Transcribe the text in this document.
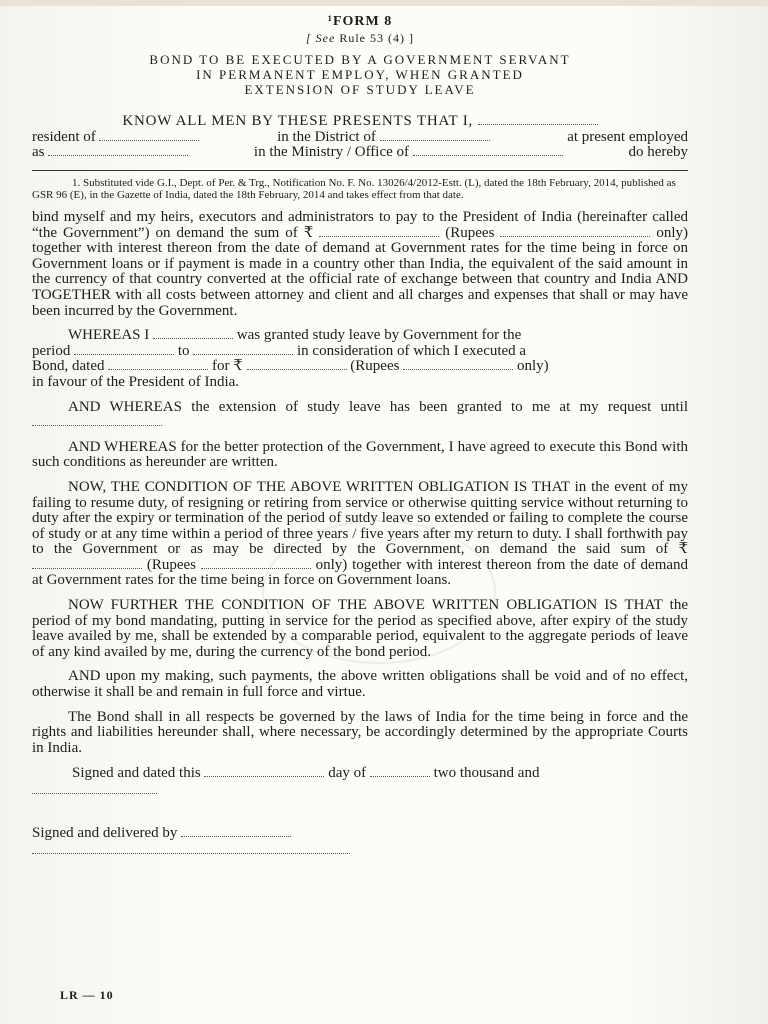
¹FORM 8
[ See Rule 53 (4) ]
BOND TO BE EXECUTED BY A GOVERNMENT SERVANT
IN PERMANENT EMPLOY, WHEN GRANTED
EXTENSION OF STUDY LEAVE
KNOW ALL MEN BY THESE PRESENTS THAT I,
resident of	in the District of	at present employed
as	in the Ministry / Office of	do hereby

1. Substituted vide G.I., Dept. of Per. & Trg., Notification No. F. No. 13026/4/2012-Estt. (L), dated the 18th February, 2014, published as GSR 96 (E), in the Gazette of India, dated the 18th February, 2014 and takes effect from that date.

bind myself and my heirs, executors and administrators to pay to the President of India (hereinafter called “the Government”) on demand the sum of ₹	(Rupees	only) together with interest thereon from the date of demand at Government rates for the time being in force on Government loans or if payment is made in a country other than India, the equivalent of the said amount in the currency of that country converted at the official rate of exchange between that country and India AND TOGETHER with all costs between attorney and client and all charges and expenses that shall or may have been incurred by the Government.

WHEREAS I	was granted study leave by Government for the

period	to	in consideration of which I executed a

Bond, dated	for ₹	(Rupees	only)

in favour of the President of India.

AND WHEREAS the extension of study leave has been granted to me at my request until

AND WHEREAS for the better protection of the Government, I have agreed to execute this Bond with such conditions as hereunder are written.

NOW, THE CONDITION OF THE ABOVE WRITTEN OBLIGATION IS THAT in the event of my failing to resume duty, of resigning or retiring from service or otherwise quitting service without returning to duty after the expiry or termination of the period of sutdy leave so extended or failing to complete the course of study or at any time within a period of three years / five years after my return to duty. I shall forthwith pay to the Government or as may be directed by the Government, on demand the said sum of ₹  (Rupees	only) together with interest thereon from the date of demand at Government rates for the time being in force on Government loans.

NOW FURTHER THE CONDITION OF THE ABOVE WRITTEN OBLIGATION IS THAT the period of my bond mandating, putting in service for the period as specified above, after expiry of the study leave availed by me, shall be extended by a comparable period, equivalent to the aggregate periods of leave of any kind availed by me, during the currency of the bond period.

AND upon my making, such payments, the above written obligations shall be void and of no effect, otherwise it shall be and remain in full force and virtue.

The Bond shall in all respects be governed by the laws of India for the time being in force and the rights and liabilities hereunder shall, where necessary, be accordingly determined by the appropriate Courts in India.

Signed and dated this	day of	two thousand and
Signed and delivered by
LR — 10
